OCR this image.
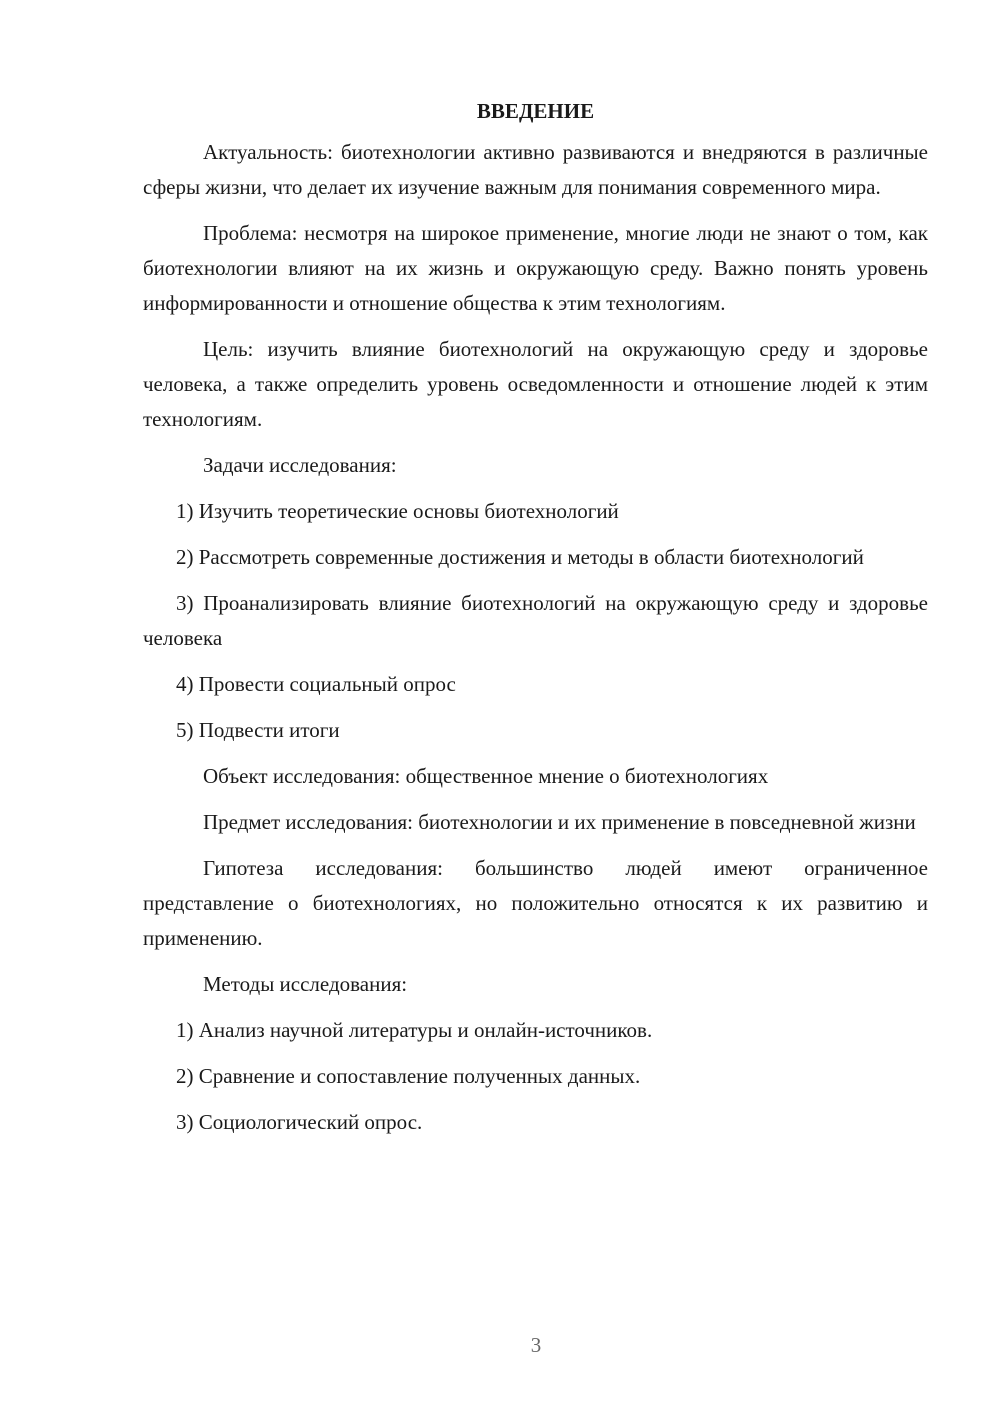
ВВЕДЕНИЕ

Актуальность: биотехнологии активно развиваются и внедряются в различные сферы жизни, что делает их изучение важным для понимания современного мира.

Проблема: несмотря на широкое применение, многие люди не знают о том, как биотехнологии влияют на их жизнь и окружающую среду. Важно понять уровень информированности и отношение общества к этим технологиям.

Цель: изучить влияние биотехнологий на окружающую среду и здоровье человека, а также определить уровень осведомленности и отношение людей к этим технологиям.

Задачи исследования:

1) Изучить теоретические основы биотехнологий

2) Рассмотреть современные достижения и методы в области биотехнологий

3) Проанализировать влияние биотехнологий на окружающую среду и здоровье человека

4) Провести социальный опрос

5) Подвести итоги

Объект исследования: общественное мнение о биотехнологиях

Предмет исследования: биотехнологии и их применение в повседневной жизни

Гипотеза исследования: большинство людей имеют ограниченное представление о биотехнологиях, но положительно относятся к их развитию и применению.

Методы исследования:

1) Анализ научной литературы и онлайн-источников.

2) Сравнение и сопоставление полученных данных.

3) Социологический опрос.

3
